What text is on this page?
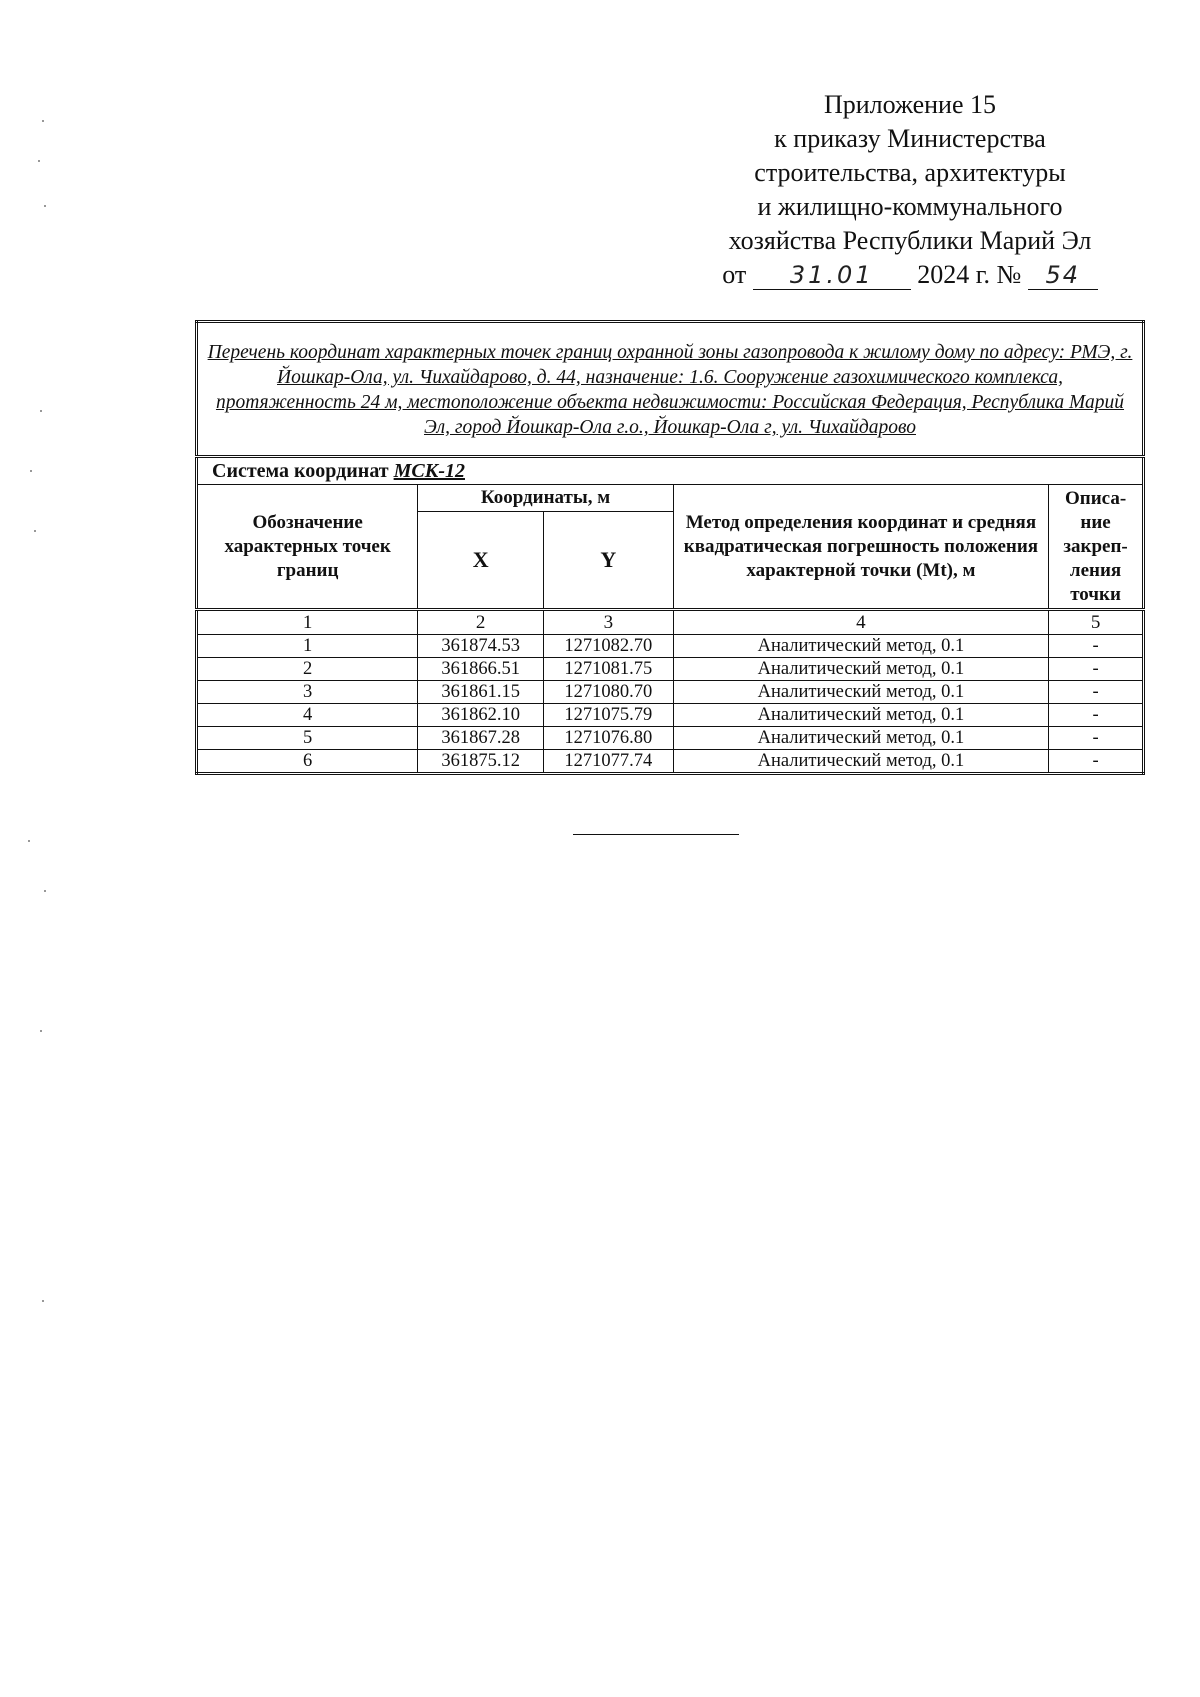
Приложение 15
к приказу Министерства
строительства, архитектуры
и жилищно-коммунального
хозяйства Республики Марий Эл
от 31.01 2024 г. № 54
Перечень координат характерных точек границ охранной зоны газопровода к жилому дому по адресу: РМЭ, г. Йошкар-Ола, ул. Чихайдарово, д. 44, назначение: 1.6. Сооружение газохимического комплекса, протяженность 24 м, местоположение объекта недвижимости: Российская Федерация, Республика Марий Эл, город Йошкар-Ола г.о., Йошкар-Ола г, ул. Чихайдарово				
Система координат МСК-12				
Обозначение характерных точек границ	Координаты, м		Метод определения координат и средняя квадратическая погрешность положения характерной точки (Mt), м	Описа-ние закреп-ления точки
	X	Y		
1	2	3	4	5
1	361874.53	1271082.70	Аналитический метод, 0.1	-
2	361866.51	1271081.75	Аналитический метод, 0.1	-
3	361861.15	1271080.70	Аналитический метод, 0.1	-
4	361862.10	1271075.79	Аналитический метод, 0.1	-
5	361867.28	1271076.80	Аналитический метод, 0.1	-
6	361875.12	1271077.74	Аналитический метод, 0.1	-
